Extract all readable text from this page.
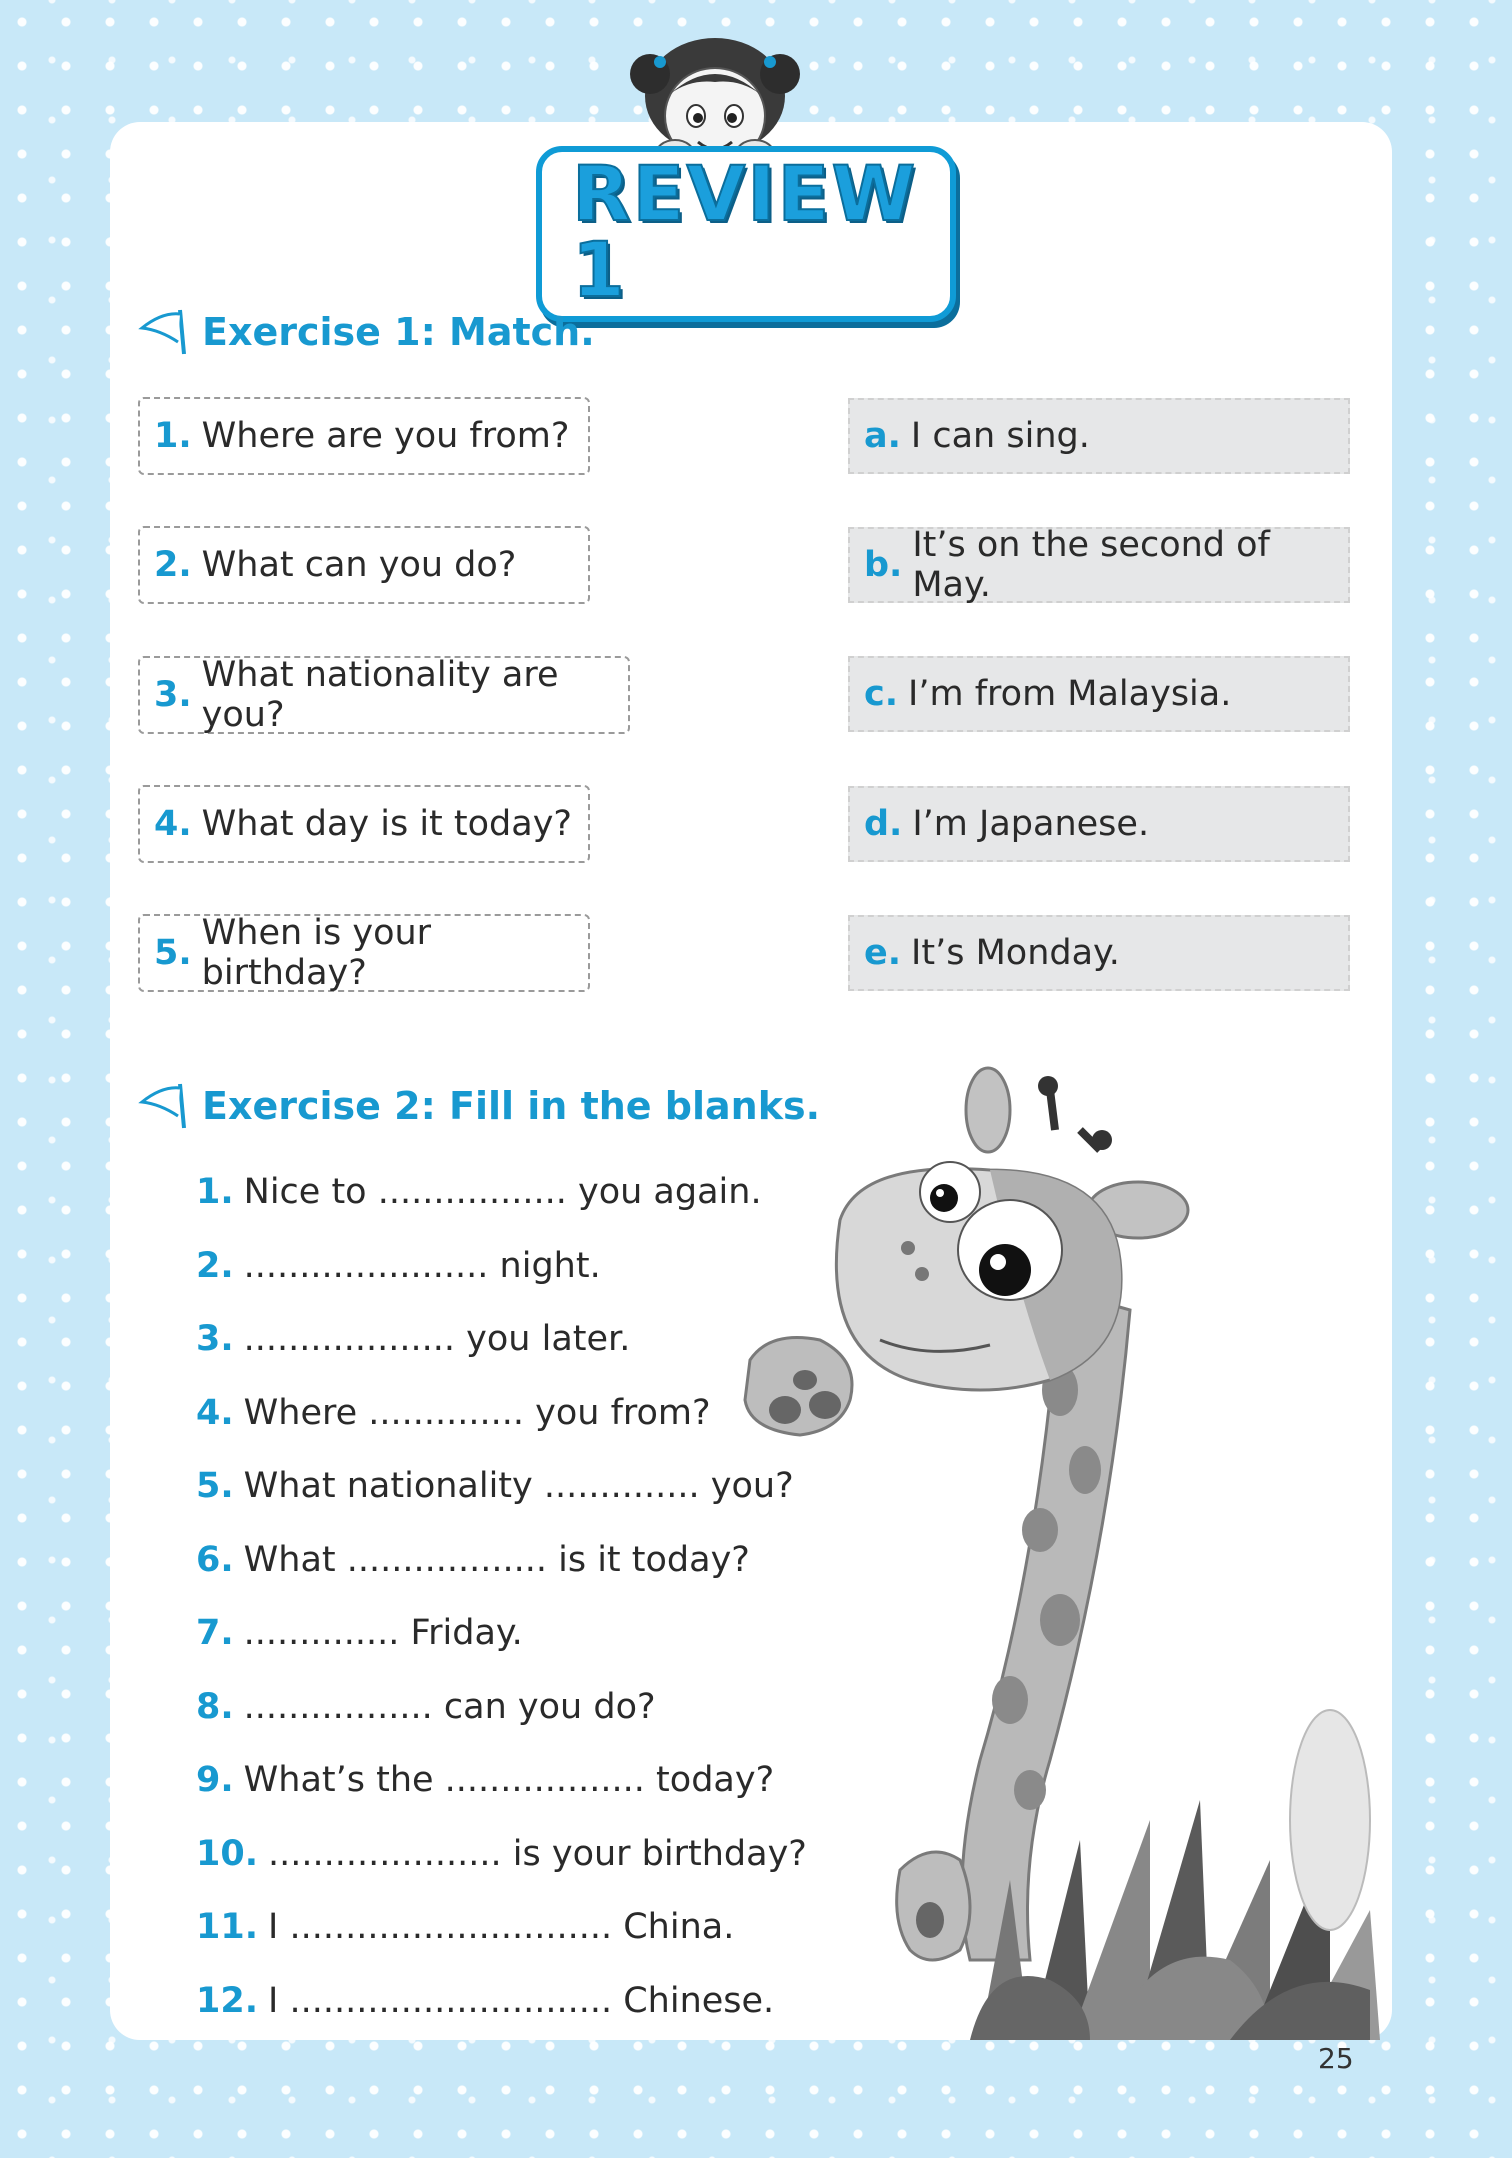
REVIEW 1
Exercise 1: Match.
1. Where are you from?
2. What can you do?
3. What nationality are you?
4. What day is it today?
5. When is your birthday?
a. I can sing.
b. It’s on the second of May.
c. I’m from Malaysia.
d. I’m Japanese.
e. It’s Monday.
Exercise 2: Fill in the blanks.
1. Nice to ................. you again.
2. ...................... night.
3. ................... you later.
4. Where .............. you from?
5. What nationality .............. you?
6. What .................. is it today?
7. .............. Friday.
8. ................. can you do?
9. What’s the .................. today?
10. ..................... is your birthday?
11. I ............................. China.
12. I ............................. Chinese.
25
